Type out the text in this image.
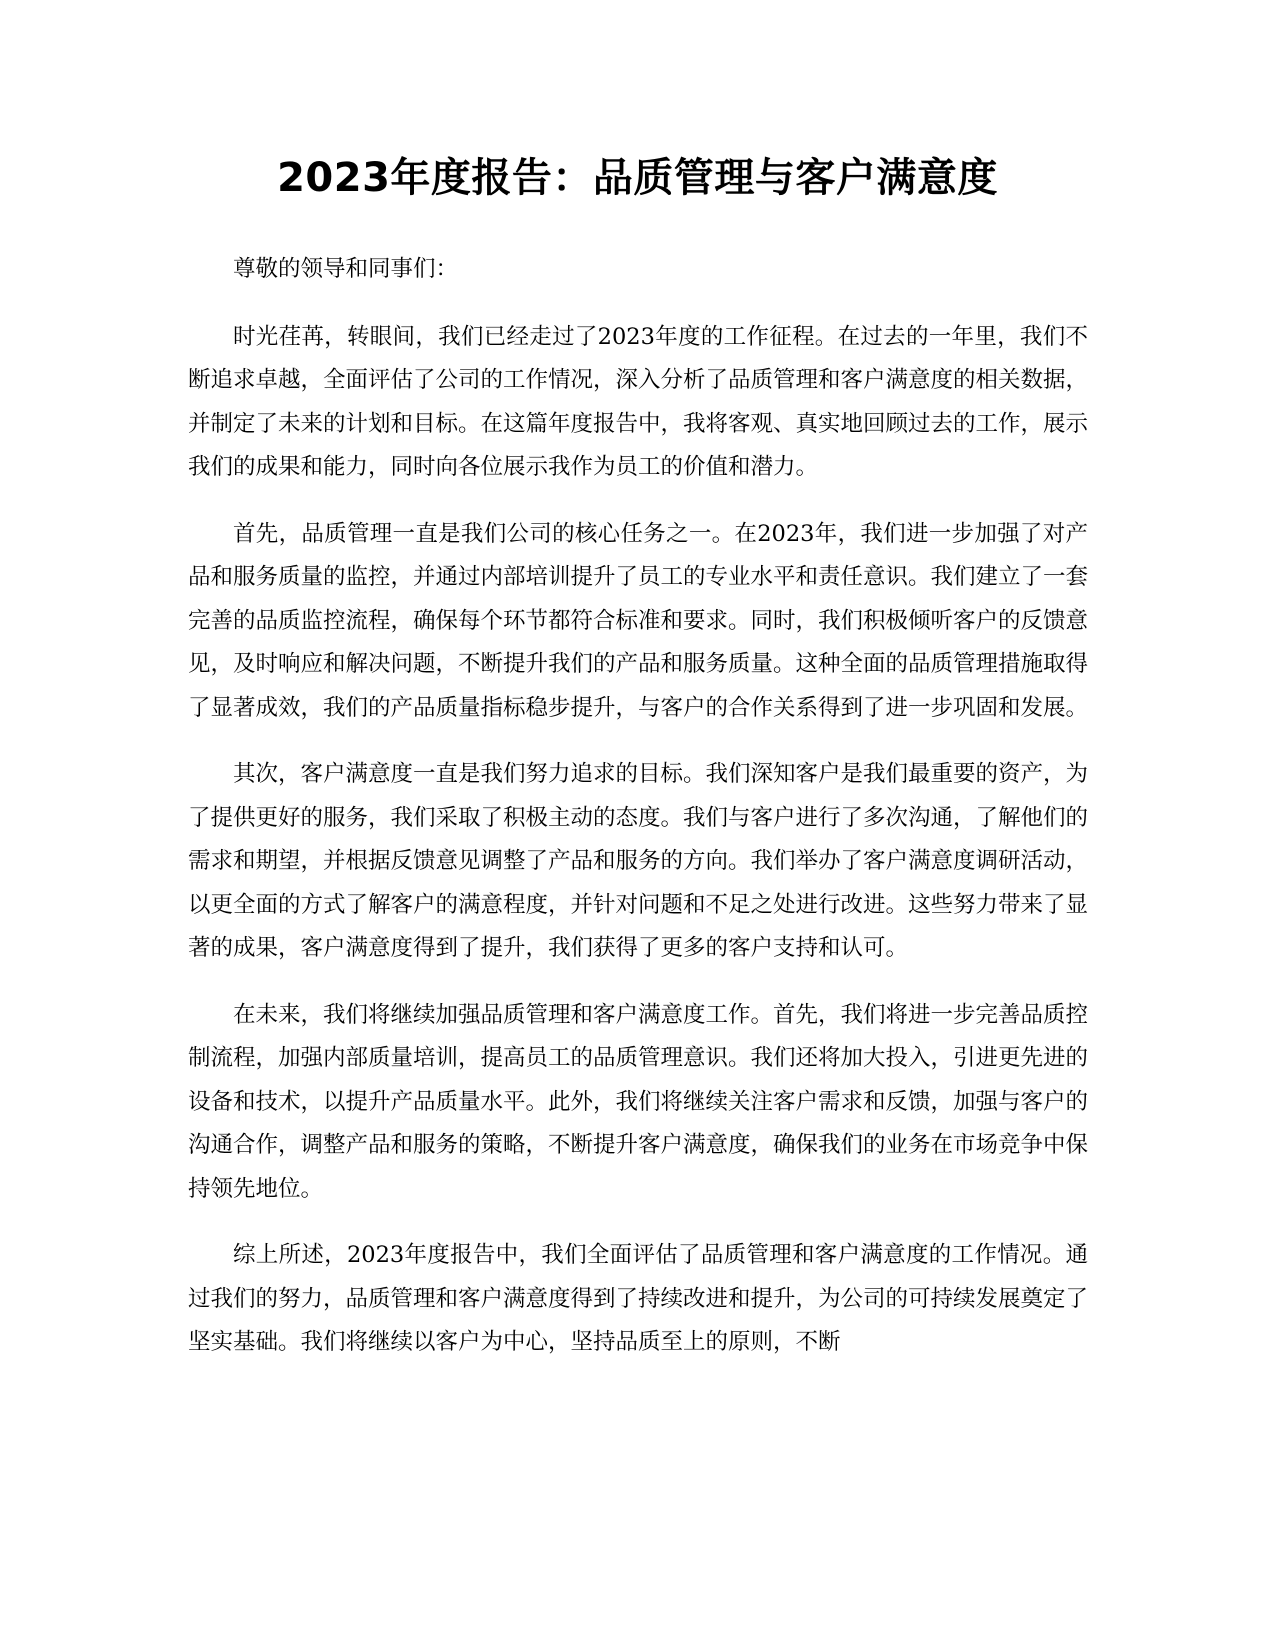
2023年度报告：品质管理与客户满意度

尊敬的领导和同事们：

时光荏苒，转眼间，我们已经走过了2023年度的工作征程。在过去的一年里，我们不断追求卓越，全面评估了公司的工作情况，深入分析了品质管理和客户满意度的相关数据，并制定了未来的计划和目标。在这篇年度报告中，我将客观、真实地回顾过去的工作，展示我们的成果和能力，同时向各位展示我作为员工的价值和潜力。

首先，品质管理一直是我们公司的核心任务之一。在2023年，我们进一步加强了对产品和服务质量的监控，并通过内部培训提升了员工的专业水平和责任意识。我们建立了一套完善的品质监控流程，确保每个环节都符合标准和要求。同时，我们积极倾听客户的反馈意见，及时响应和解决问题，不断提升我们的产品和服务质量。这种全面的品质管理措施取得了显著成效，我们的产品质量指标稳步提升，与客户的合作关系得到了进一步巩固和发展。

其次，客户满意度一直是我们努力追求的目标。我们深知客户是我们最重要的资产，为了提供更好的服务，我们采取了积极主动的态度。我们与客户进行了多次沟通，了解他们的需求和期望，并根据反馈意见调整了产品和服务的方向。我们举办了客户满意度调研活动，以更全面的方式了解客户的满意程度，并针对问题和不足之处进行改进。这些努力带来了显著的成果，客户满意度得到了提升，我们获得了更多的客户支持和认可。

在未来，我们将继续加强品质管理和客户满意度工作。首先，我们将进一步完善品质控制流程，加强内部质量培训，提高员工的品质管理意识。我们还将加大投入，引进更先进的设备和技术，以提升产品质量水平。此外，我们将继续关注客户需求和反馈，加强与客户的沟通合作，调整产品和服务的策略，不断提升客户满意度，确保我们的业务在市场竞争中保持领先地位。

综上所述，2023年度报告中，我们全面评估了品质管理和客户满意度的工作情况。通过我们的努力，品质管理和客户满意度得到了持续改进和提升，为公司的可持续发展奠定了坚实基础。我们将继续以客户为中心，坚持品质至上的原则，不断
